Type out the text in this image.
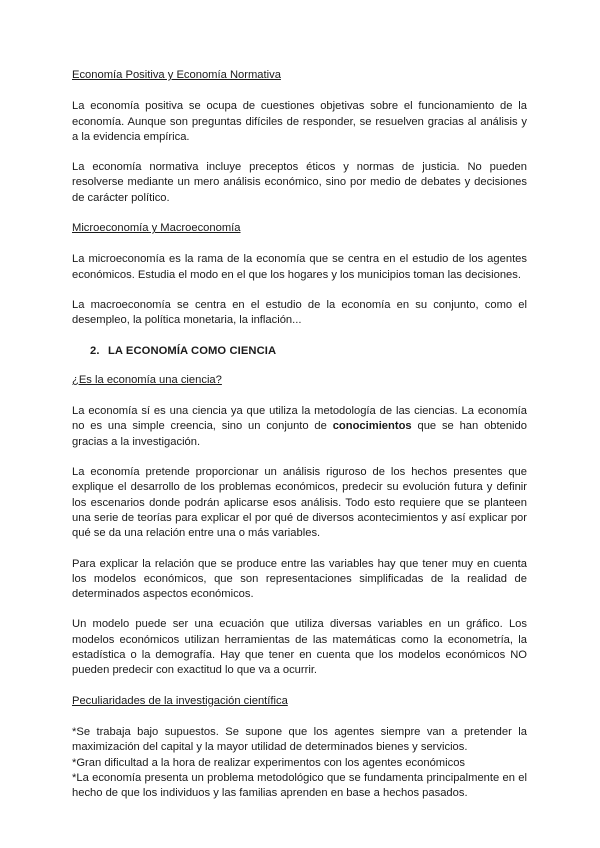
Economía Positiva y Economía Normativa

La economía positiva se ocupa de cuestiones objetivas sobre el funcionamiento de la economía. Aunque son preguntas difíciles de responder, se resuelven gracias al análisis y a la evidencia empírica.

La economía normativa incluye preceptos éticos y normas de justicia. No pueden resolverse mediante un mero análisis económico, sino por medio de debates y decisiones de carácter político.

Microeconomía y Macroeconomía

La microeconomía es la rama de la economía que se centra en el estudio de los agentes económicos. Estudia el modo en el que los hogares y los municipios toman las decisiones.

La macroeconomía se centra en el estudio de la economía en su conjunto, como el desempleo, la política monetaria, la inflación...

2. LA ECONOMÍA COMO CIENCIA
¿Es la economía una ciencia?

La economía sí es una ciencia ya que utiliza la metodología de las ciencias. La economía no es una simple creencia, sino un conjunto de conocimientos que se han obtenido gracias a la investigación.

La economía pretende proporcionar un análisis riguroso de los hechos presentes que explique el desarrollo de los problemas económicos, predecir su evolución futura y definir los escenarios donde podrán aplicarse esos análisis. Todo esto requiere que se planteen una serie de teorías para explicar el por qué de diversos acontecimientos y así explicar por qué se da una relación entre una o más variables.

Para explicar la relación que se produce entre las variables hay que tener muy en cuenta los modelos económicos, que son representaciones simplificadas de la realidad de determinados aspectos económicos.

Un modelo puede ser una ecuación que utiliza diversas variables en un gráfico. Los modelos económicos utilizan herramientas de las matemáticas como la econometría, la estadística o la demografía. Hay que tener en cuenta que los modelos económicos NO pueden predecir con exactitud lo que va a ocurrir.

Peculiaridades de la investigación científica

*Se trabaja bajo supuestos. Se supone que los agentes siempre van a pretender la maximización del capital y la mayor utilidad de determinados bienes y servicios.

*Gran dificultad a la hora de realizar experimentos con los agentes económicos

*La economía presenta un problema metodológico que se fundamenta principalmente en el hecho de que los individuos y las familias aprenden en base a hechos pasados.
